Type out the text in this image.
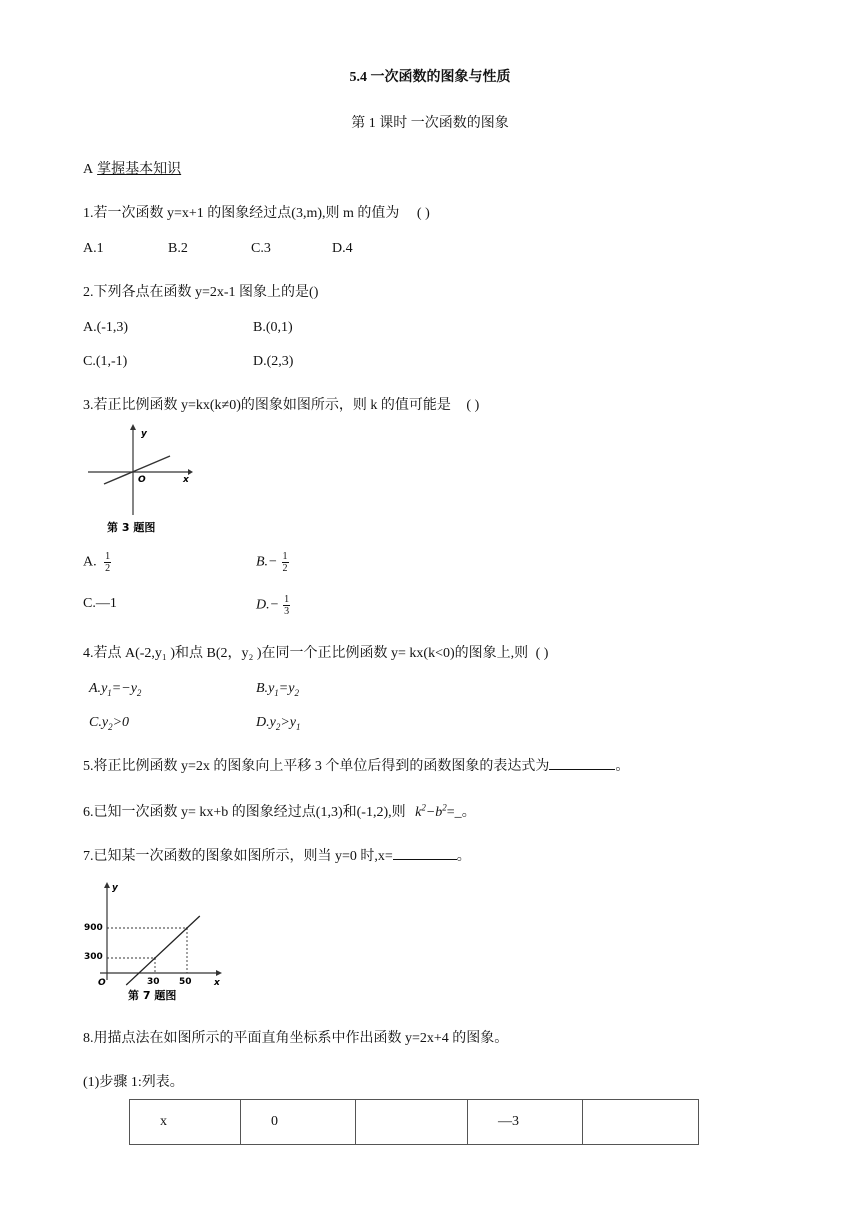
5.4 一次函数的图象与性质
第 1 课时 一次函数的图象
A 掌握基本知识
1.若一次函数 y=x+1 的图象经过点(3,m),则 m 的值为 ( )
A.1	B.2	C.3	D.4
2.下列各点在函数 y=2x-1 图象上的是()
A.(-1,3)	B.(0,1)
C.(1,-1)	D.(2,3)
3.若正比例函数 y=kx(k≠0)的图象如图所示，则 k 的值可能是 ( )
y
x
O
第 3 题图
A. $\frac{1}{2}$	$B.- \frac{1}{2}$
C.—1	$D.- \frac{1}{3}$
4.若点 A(-2,y₁ )和点 B(2，y₂ )在同一个正比例函数 y= kx(k<0)的图象上,则 ( )
$A.y_1=-y_2$	$B.y_1=y_2$
$C.y_2>0$	$D.y_2>y_1$
5.将正比例函数 y=2x 的图象向上平移 3 个单位后得到的函数图象的表达式为	。
6.已知一次函数 y= kx+b 的图象经过点(1,3)和(-1,2),则 $k^2-b^2=\_$。
7.已知某一次函数的图象如图所示，则当 y=0 时,x=	。
y
x
O
900
300
30 50
第 7 题图
8.用描点法在如图所示的平面直角坐标系中作出函数 y=2x+4 的图象。
(1)步骤 1:列表。
x	0		—3	
